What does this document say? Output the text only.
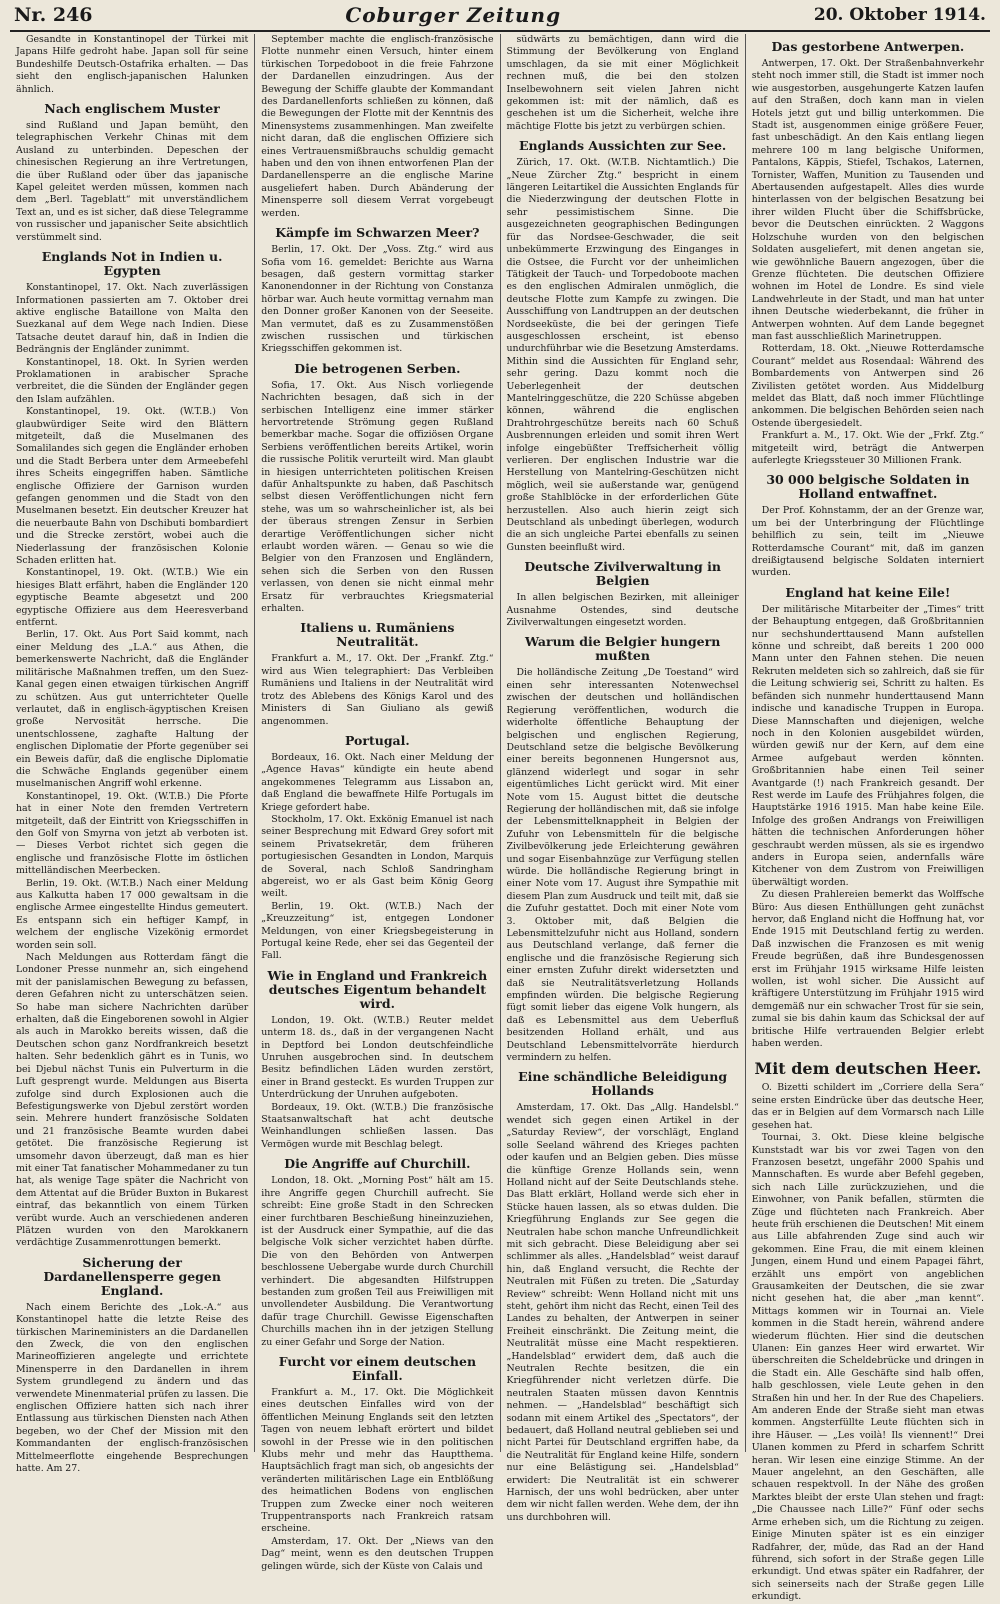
Nr. 246	Coburger Zeitung	20. Oktober 1914.

Gesandte in Konstantinopel der Türkei mit Japans Hilfe gedroht habe. Japan soll für seine Bundeshilfe Deutsch-Ostafrika erhalten. — Das sieht den englisch-japanischen Halunken ähnlich.

Nach englischem Muster

sind Rußland und Japan bemüht, den telegraphischen Verkehr Chinas mit dem Ausland zu unterbinden. Depeschen der chinesischen Regierung an ihre Vertretungen, die über Rußland oder über das japanische Kapel geleitet werden müssen, kommen nach dem „Berl. Tageblatt“ mit unverständlichem Text an, und es ist sicher, daß diese Telegramme von russischer und japanischer Seite absichtlich verstümmelt sind.

Englands Not in Indien u. Egypten

Konstantinopel, 17. Okt. Nach zuverlässigen Informationen passierten am 7. Oktober drei aktive englische Bataillone von Malta den Suezkanal auf dem Wege nach Indien. Diese Tatsache deutet darauf hin, daß in Indien die Bedrängnis der Engländer zunimmt.

Konstantinopel, 18. Okt. In Syrien werden Proklamationen in arabischer Sprache verbreitet, die die Sünden der Engländer gegen den Islam aufzählen.

Konstantinopel, 19. Okt. (W.T.B.) Von glaubwürdiger Seite wird den Blättern mitgeteilt, daß die Muselmanen des Somalilandes sich gegen die Engländer erhoben und die Stadt Berbera unter dem Armeebefehl ihres Scheits eingegriffen haben. Sämtliche englische Offiziere der Garnison wurden gefangen genommen und die Stadt von den Muselmanen besetzt. Ein deutscher Kreuzer hat die neuerbaute Bahn von Dschibuti bombardiert und die Strecke zerstört, wobei auch die Niederlassung der französischen Kolonie Schaden erlitten hat.

Konstantinopel, 19. Okt. (W.T.B.) Wie ein hiesiges Blatt erfährt, haben die Engländer 120 egyptische Beamte abgesetzt und 200 egyptische Offiziere aus dem Heeresverband entfernt.

Berlin, 17. Okt. Aus Port Said kommt, nach einer Meldung des „L.A.“ aus Athen, die bemerkenswerte Nachricht, daß die Engländer militärische Maßnahmen treffen, um den Suez-Kanal gegen einen etwaigen türkischen Angriff zu schützen. Aus gut unterrichteter Quelle verlautet, daß in englisch-ägyptischen Kreisen große Nervosität herrsche. Die unentschlossene, zaghafte Haltung der englischen Diplomatie der Pforte gegenüber sei ein Beweis dafür, daß die englische Diplomatie die Schwäche Englands gegenüber einem muselmanischen Angriff wohl erkenne.

Konstantinopel, 19. Okt. (W.T.B.) Die Pforte hat in einer Note den fremden Vertretern mitgeteilt, daß der Eintritt von Kriegsschiffen in den Golf von Smyrna von jetzt ab verboten ist. — Dieses Verbot richtet sich gegen die englische und französische Flotte im östlichen mittelländischen Meerbecken.

Berlin, 19. Okt. (W.T.B.) Nach einer Meldung aus Kalkutta haben 17 000 gewaltsam in die englische Armee eingestellte Hindus gemeutert. Es entspann sich ein heftiger Kampf, in welchem der englische Vizekönig ermordet worden sein soll.

Nach Meldungen aus Rotterdam fängt die Londoner Presse nunmehr an, sich eingehend mit der panislamischen Bewegung zu befassen, deren Gefahren nicht zu unterschätzen seien. So habe man sichere Nachrichten darüber erhalten, daß die Eingeborenen sowohl in Algier als auch in Marokko bereits wissen, daß die Deutschen schon ganz Nordfrankreich besetzt halten. Sehr bedenklich gährt es in Tunis, wo bei Djebul nächst Tunis ein Pulverturm in die Luft gesprengt wurde. Meldungen aus Biserta zufolge sind durch Explosionen auch die Befestigungswerke von Djebul zerstört worden sein. Mehrere hundert französische Soldaten und 21 französische Beamte wurden dabei getötet. Die französische Regierung ist umsomehr davon überzeugt, daß man es hier mit einer Tat fanatischer Mohammedaner zu tun hat, als wenige Tage später die Nachricht von dem Attentat auf die Brüder Buxton in Bukarest eintraf, das bekanntlich von einem Türken verübt wurde. Auch an verschiedenen anderen Plätzen wurden von den Marokkanern verdächtige Zusammenrottungen bemerkt.

Sicherung der Dardanellensperre gegen England.

Nach einem Berichte des „Lok.-A.“ aus Konstantinopel hatte die letzte Reise des türkischen Marineministers an die Dardanellen den Zweck, die von den englischen Marineoffizieren angelegte und errichtete Minensperre in den Dardanellen in ihrem System grundlegend zu ändern und das verwendete Minenmaterial prüfen zu lassen. Die englischen Offiziere hatten sich nach ihrer Entlassung aus türkischen Diensten nach Athen begeben, wo der Chef der Mission mit den Kommandanten der englisch-französischen Mittelmeerflotte eingehende Besprechungen hatte. Am 27.

September machte die englisch-französische Flotte nunmehr einen Versuch, hinter einem türkischen Torpedoboot in die freie Fahrzone der Dardanellen einzudringen. Aus der Bewegung der Schiffe glaubte der Kommandant des Dardanellenforts schließen zu können, daß die Bewegungen der Flotte mit der Kenntnis des Minensystems zusammenhingen. Man zweifelte nicht daran, daß die englischen Offiziere sich eines Vertrauensmißbrauchs schuldig gemacht haben und den von ihnen entworfenen Plan der Dardanellensperre an die englische Marine ausgeliefert haben. Durch Abänderung der Minensperre soll diesem Verrat vorgebeugt werden.

Kämpfe im Schwarzen Meer?

Berlin, 17. Okt. Der „Voss. Ztg.“ wird aus Sofia vom 16. gemeldet: Berichte aus Warna besagen, daß gestern vormittag starker Kanonendonner in der Richtung von Constanza hörbar war. Auch heute vormittag vernahm man den Donner großer Kanonen von der Seeseite. Man vermutet, daß es zu Zusammenstößen zwischen russischen und türkischen Kriegsschiffen gekommen ist.

Die betrogenen Serben.

Sofia, 17. Okt. Aus Nisch vorliegende Nachrichten besagen, daß sich in der serbischen Intelligenz eine immer stärker hervortretende Strömung gegen Rußland bemerkbar mache. Sogar die offiziösen Organe Serbiens veröffentlichen bereits Artikel, worin die russische Politik verurteilt wird. Man glaubt in hiesigen unterrichteten politischen Kreisen dafür Anhaltspunkte zu haben, daß Paschitsch selbst diesen Veröffentlichungen nicht fern stehe, was um so wahrscheinlicher ist, als bei der überaus strengen Zensur in Serbien derartige Veröffentlichungen sicher nicht erlaubt worden wären. — Genau so wie die Belgier von den Franzosen und Engländern, sehen sich die Serben von den Russen verlassen, von denen sie nicht einmal mehr Ersatz für verbrauchtes Kriegsmaterial erhalten.

Italiens u. Rumäniens Neutralität.

Frankfurt a. M., 17. Okt. Der „Frankf. Ztg.“ wird aus Wien telegraphiert: Das Verbleiben Rumäniens und Italiens in der Neutralität wird trotz des Ablebens des Königs Karol und des Ministers di San Giuliano als gewiß angenommen.

Portugal.

Bordeaux, 16. Okt. Nach einer Meldung der „Agence Havas“ kündigte ein heute abend angekommenes Telegramm aus Lissabon an, daß England die bewaffnete Hilfe Portugals im Kriege gefordert habe.

Stockholm, 17. Okt. Exkönig Emanuel ist nach seiner Besprechung mit Edward Grey sofort mit seinem Privatsekretär, dem früheren portugiesischen Gesandten in London, Marquis de Soveral, nach Schloß Sandringham abgereist, wo er als Gast beim König Georg weilt.

Berlin, 19. Okt. (W.T.B.) Nach der „Kreuzzeitung“ ist, entgegen Londoner Meldungen, von einer Kriegsbegeisterung in Portugal keine Rede, eher sei das Gegenteil der Fall.

Wie in England und Frankreich deutsches Eigentum behandelt wird.

London, 19. Okt. (W.T.B.) Reuter meldet unterm 18. ds., daß in der vergangenen Nacht in Deptford bei London deutschfeindliche Unruhen ausgebrochen sind. In deutschem Besitz befindlichen Läden wurden zerstört, einer in Brand gesteckt. Es wurden Truppen zur Unterdrückung der Unruhen aufgeboten.

Bordeaux, 19. Okt. (W.T.B.) Die französische Staatsanwaltschaft hat acht deutsche Weinhandlungen schließen lassen. Das Vermögen wurde mit Beschlag belegt.

Die Angriffe auf Churchill.

London, 18. Okt. „Morning Post“ hält am 15. ihre Angriffe gegen Churchill aufrecht. Sie schreibt: Eine große Stadt in den Schrecken einer furchtbaren Beschießung hineinzuziehen, ist der Ausdruck einer Sympathie, auf die das belgische Volk sicher verzichtet haben dürfte. Die von den Behörden von Antwerpen beschlossene Uebergabe wurde durch Churchill verhindert. Die abgesandten Hilfstruppen bestanden zum großen Teil aus Freiwilligen mit unvollendeter Ausbildung. Die Verantwortung dafür trage Churchill. Gewisse Eigenschaften Churchills machen ihn in der jetzigen Stellung zu einer Gefahr und Sorge der Nation.

Furcht vor einem deutschen Einfall.

Frankfurt a. M., 17. Okt. Die Möglichkeit eines deutschen Einfalles wird von der öffentlichen Meinung Englands seit den letzten Tagen von neuem lebhaft erörtert und bildet sowohl in der Presse wie in den politischen Klubs mehr und mehr das Hauptthema. Hauptsächlich fragt man sich, ob angesichts der veränderten militärischen Lage ein Entblößung des heimatlichen Bodens von englischen Truppen zum Zwecke einer noch weiteren Truppentransports nach Frankreich ratsam erscheine.

Amsterdam, 17. Okt. Der „Niews van den Dag“ meint, wenn es den deutschen Truppen gelingen würde, sich der Küste von Calais und

südwärts zu bemächtigen, dann wird die Stimmung der Bevölkerung von England umschlagen, da sie mit einer Möglichkeit rechnen muß, die bei den stolzen Inselbewohnern seit vielen Jahren nicht gekommen ist: mit der nämlich, daß es geschehen ist um die Sicherheit, welche ihre mächtige Flotte bis jetzt zu verbürgen schien.

Englands Aussichten zur See.

Zürich, 17. Okt. (W.T.B. Nichtamtlich.) Die „Neue Zürcher Ztg.“ bespricht in einem längeren Leitartikel die Aussichten Englands für die Niederzwingung der deutschen Flotte in sehr pessimistischem Sinne. Die ausgezeichneten geographischen Bedingungen für das Nordsee-Geschwader, die seit unbekümmerte Erzwingung des Einganges in die Ostsee, die Furcht vor der unheimlichen Tätigkeit der Tauch- und Torpedoboote machen es den englischen Admiralen unmöglich, die deutsche Flotte zum Kampfe zu zwingen. Die Ausschiffung von Landtruppen an der deutschen Nordseeküste, die bei der geringen Tiefe ausgeschlossen erscheint, ist ebenso undurchführbar wie die Besetzung Amsterdams. Mithin sind die Aussichten für England sehr, sehr gering. Dazu kommt noch die Ueberlegenheit der deutschen Mantelringgeschütze, die 220 Schüsse abgeben können, während die englischen Drahtrohrgeschütze bereits nach 60 Schuß Ausbrennungen erleiden und somit ihren Wert infolge eingebüßter Treffsicherheit völlig verlieren. Der englischen Industrie war die Herstellung von Mantelring-Geschützen nicht möglich, weil sie außerstande war, genügend große Stahlblöcke in der erforderlichen Güte herzustellen. Also auch hierin zeigt sich Deutschland als unbedingt überlegen, wodurch die an sich ungleiche Partei ebenfalls zu seinen Gunsten beeinflußt wird.

Deutsche Zivilverwaltung in Belgien

In allen belgischen Bezirken, mit alleiniger Ausnahme Ostendes, sind deutsche Zivilverwaltungen eingesetzt worden.

Warum die Belgier hungern mußten

Die holländische Zeitung „De Toestand“ wird einen sehr interessanten Notenwechsel zwischen der deutschen und holländischen Regierung veröffentlichen, wodurch die widerholte öffentliche Behauptung der belgischen und englischen Regierung, Deutschland setze die belgische Bevölkerung einer bereits begonnenen Hungersnot aus, glänzend widerlegt und sogar in sehr eigentümliches Licht gerückt wird. Mit einer Note vom 15. August bittet die deutsche Regierung der holländischen mit, daß sie infolge der Lebensmittelknappheit in Belgien der Zufuhr von Lebensmitteln für die belgische Zivilbevölkerung jede Erleichterung gewähren und sogar Eisenbahnzüge zur Verfügung stellen würde. Die holländische Regierung bringt in einer Note vom 17. August ihre Sympathie mit diesem Plan zum Ausdruck und teilt mit, daß sie die Zufuhr gestattet. Doch mit einer Note vom 3. Oktober mit, daß Belgien die Lebensmittelzufuhr nicht aus Holland, sondern aus Deutschland verlange, daß ferner die englische und die französische Regierung sich einer ernsten Zufuhr direkt widersetzten und daß sie Neutralitätsverletzung Hollands empfinden würden. Die belgische Regierung fügt somit lieber das eigene Volk hungern, als daß es Lebensmittel aus dem Ueberfluß besitzenden Holland erhält, und aus Deutschland Lebensmittelvorräte hierdurch vermindern zu helfen.

Eine schändliche Beleidigung Hollands

Amsterdam, 17. Okt. Das „Allg. Handelsbl.“ wendet sich gegen einen Artikel in der „Saturday Review“, der vorschlägt, England solle Seeland während des Krieges pachten oder kaufen und an Belgien geben. Dies müsse die künftige Grenze Hollands sein, wenn Holland nicht auf der Seite Deutschlands stehe. Das Blatt erklärt, Holland werde sich eher in Stücke hauen lassen, als so etwas dulden. Die Kriegführung Englands zur See gegen die Neutralen habe schon manche Unfreundlichkeit mit sich gebracht. Diese Beleidigung aber sei schlimmer als alles. „Handelsblad“ weist darauf hin, daß England versucht, die Rechte der Neutralen mit Füßen zu treten. Die „Saturday Review“ schreibt: Wenn Holland nicht mit uns steht, gehört ihm nicht das Recht, einen Teil des Landes zu behalten, der Antwerpen in seiner Freiheit einschränkt. Die Zeitung meint, die Neutralität müsse eine Macht respektieren. „Handelsblad“ erwidert dem, daß auch die Neutralen Rechte besitzen, die ein Kriegführender nicht verletzen dürfe. Die neutralen Staaten müssen davon Kenntnis nehmen. — „Handelsblad“ beschäftigt sich sodann mit einem Artikel des „Spectators“, der bedauert, daß Holland neutral geblieben sei und nicht Partei für Deutschland ergriffen habe, da die Neutralität für England keine Hilfe, sondern nur eine Belästigung sei. „Handelsblad“ erwidert: Die Neutralität ist ein schwerer Harnisch, der uns wohl bedrücken, aber unter dem wir nicht fallen werden. Wehe dem, der ihn uns durchbohren will.

Das gestorbene Antwerpen.

Antwerpen, 17. Okt. Der Straßenbahnverkehr steht noch immer still, die Stadt ist immer noch wie ausgestorben, ausgehungerte Katzen laufen auf den Straßen, doch kann man in vielen Hotels jetzt gut und billig unterkommen. Die Stadt ist, ausgenommen einige größere Feuer, fast unbeschädigt. An den Kais entlang liegen mehrere 100 m lang belgische Uniformen, Pantalons, Käppis, Stiefel, Tschakos, Laternen, Tornister, Waffen, Munition zu Tausenden und Abertausenden aufgestapelt. Alles dies wurde hinterlassen von der belgischen Besatzung bei ihrer wilden Flucht über die Schiffsbrücke, bevor die Deutschen einrückten. 2 Waggons Holzschuhe wurden von den belgischen Soldaten ausgeliefert, mit denen angetan sie, wie gewöhnliche Bauern angezogen, über die Grenze flüchteten. Die deutschen Offiziere wohnen im Hotel de Londre. Es sind viele Landwehrleute in der Stadt, und man hat unter ihnen Deutsche wiederbekannt, die früher in Antwerpen wohnten. Auf dem Lande begegnet man fast ausschließlich Marinetruppen.

Rotterdam, 18. Okt. „Nieuwe Rotterdamsche Courant“ meldet aus Rosendaal: Während des Bombardements von Antwerpen sind 26 Zivilisten getötet worden. Aus Middelburg meldet das Blatt, daß noch immer Flüchtlinge ankommen. Die belgischen Behörden seien nach Ostende übergesiedelt.

Frankfurt a. M., 17. Okt. Wie der „Frkf. Ztg.“ mitgeteilt wird, beträgt die Antwerpen auferlegte Kriegssteuer 30 Millionen Frank.

30 000 belgische Soldaten in Holland entwaffnet.

Der Prof. Kohnstamm, der an der Grenze war, um bei der Unterbringung der Flüchtlinge behilflich zu sein, teilt im „Nieuwe Rotterdamsche Courant“ mit, daß im ganzen dreißigtausend belgische Soldaten interniert wurden.

England hat keine Eile!

Der militärische Mitarbeiter der „Times“ tritt der Behauptung entgegen, daß Großbritannien nur sechshunderttausend Mann aufstellen könne und schreibt, daß bereits 1 200 000 Mann unter den Fahnen stehen. Die neuen Rekruten meldeten sich so zahlreich, daß sie für die Leitung schwierig sei, Schritt zu halten. Es befänden sich nunmehr hunderttausend Mann indische und kanadische Truppen in Europa. Diese Mannschaften und diejenigen, welche noch in den Kolonien ausgebildet würden, würden gewiß nur der Kern, auf dem eine Armee aufgebaut werden könnten. Großbritannien habe einen Teil seiner Avantgarde (!) nach Frankreich gesandt. Der Rest werde im Laufe des Frühjahres folgen, die Hauptstärke 1916 1915. Man habe keine Eile. Infolge des großen Andrangs von Freiwilligen hätten die technischen Anforderungen höher geschraubt werden müssen, als sie es irgendwo anders in Europa seien, andernfalls wäre Kitchener von dem Zustrom von Freiwilligen überwältigt worden.

Zu diesen Prahlereien bemerkt das Wolffsche Büro: Aus diesen Enthüllungen geht zunächst hervor, daß England nicht die Hoffnung hat, vor Ende 1915 mit Deutschland fertig zu werden. Daß inzwischen die Franzosen es mit wenig Freude begrüßen, daß ihre Bundesgenossen erst im Frühjahr 1915 wirksame Hilfe leisten wollen, ist wohl sicher. Die Aussicht auf kräftigere Unterstützung im Frühjahr 1915 wird demgemäß nur ein schwacher Trost für sie sein, zumal sie bis dahin kaum das Schicksal der auf britische Hilfe vertrauenden Belgier erlebt haben werden.

Mit dem deutschen Heer.

O. Bizetti schildert im „Corriere della Sera“ seine ersten Eindrücke über das deutsche Heer, das er in Belgien auf dem Vormarsch nach Lille gesehen hat.

Tournai, 3. Okt. Diese kleine belgische Kunststadt war bis vor zwei Tagen von den Franzosen besetzt, ungefähr 2000 Spahis und Mannschaften. Es wurde aber Befehl gegeben, sich nach Lille zurückzuziehen, und die Einwohner, von Panik befallen, stürmten die Züge und flüchteten nach Frankreich. Aber heute früh erschienen die Deutschen! Mit einem aus Lille abfahrenden Zuge sind auch wir gekommen. Eine Frau, die mit einem kleinen Jungen, einem Hund und einem Papagei fährt, erzählt uns empört von angeblichen Grausamkeiten der Deutschen, die sie zwar nicht gesehen hat, die aber „man kennt“. Mittags kommen wir in Tournai an. Viele kommen in die Stadt herein, während andere wiederum flüchten. Hier sind die deutschen Ulanen: Ein ganzes Heer wird erwartet. Wir überschreiten die Scheldebrücke und dringen in die Stadt ein. Alle Geschäfte sind halb offen, halb geschlossen, viele Leute gehen in den Straßen hin und her. In der Rue des Chapeliers. Am anderen Ende der Straße sieht man etwas kommen. Angsterfüllte Leute flüchten sich in ihre Häuser. — „Les voilà! Ils viennent!“ Drei Ulanen kommen zu Pferd in scharfem Schritt heran. Wir lesen eine einzige Stimme. An der Mauer angelehnt, an den Geschäften, alle schauen respektvoll. In der Nähe des großen Marktes bleibt der erste Ulan stehen und fragt: „Die Chaussee nach Lille?“ Fünf oder sechs Arme erheben sich, um die Richtung zu zeigen. Einige Minuten später ist es ein einziger Radfahrer, der, müde, das Rad an der Hand führend, sich sofort in der Straße gegen Lille erkundigt. Und etwas später ein Radfahrer, der sich seinerseits nach der Straße gegen Lille erkundigt.
